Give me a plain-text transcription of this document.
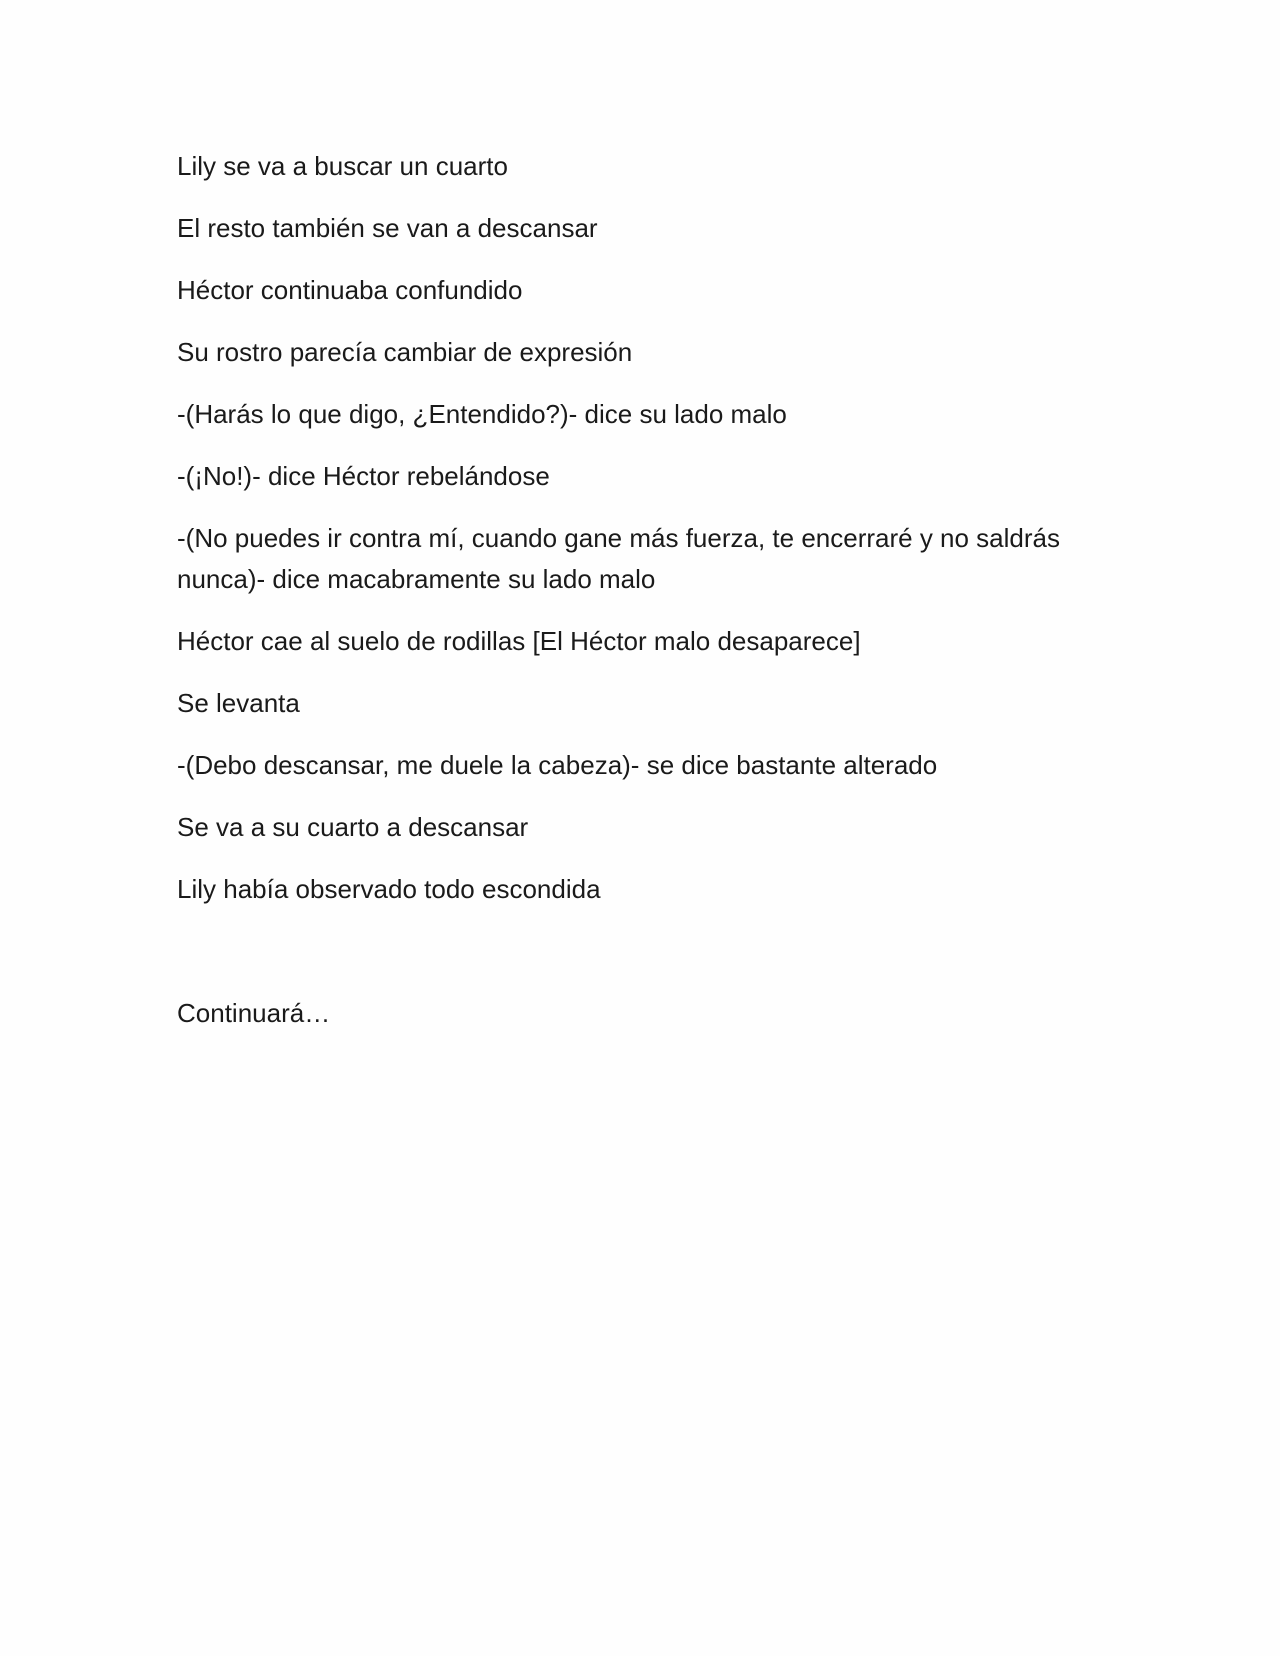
Lily se va a buscar un cuarto

El resto también se van a descansar

Héctor continuaba confundido

Su rostro parecía cambiar de expresión

-(Harás lo que digo, ¿Entendido?)- dice su lado malo

-(¡No!)- dice Héctor rebelándose

-(No puedes ir contra mí, cuando gane más fuerza, te encerraré y no saldrás nunca)- dice macabramente su lado malo

Héctor cae al suelo de rodillas [El Héctor malo desaparece]

Se levanta

-(Debo descansar, me duele la cabeza)- se dice bastante alterado

Se va a su cuarto a descansar

Lily había observado todo escondida

Continuará…
